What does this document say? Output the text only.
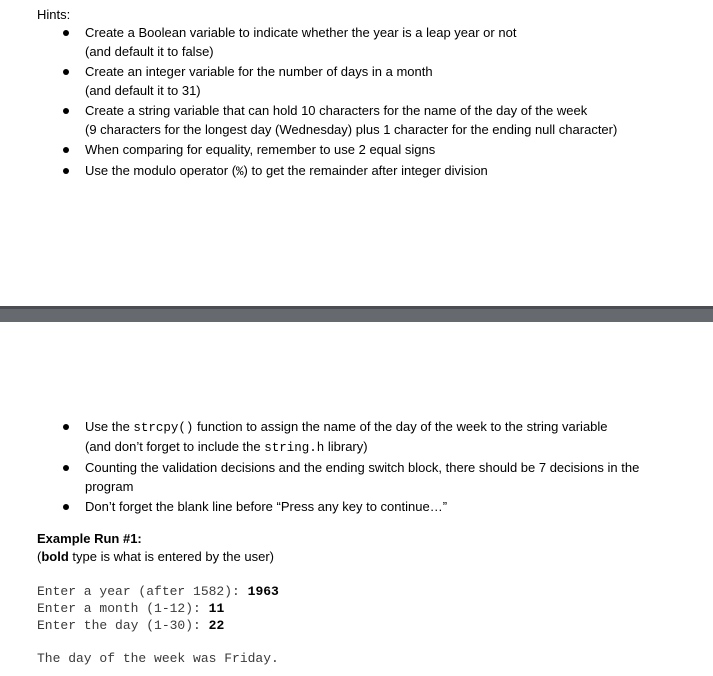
Hints:

Create a Boolean variable to indicate whether the year is a leap year or not
(and default it to false)
Create an integer variable for the number of days in a month
(and default it to 31)
Create a string variable that can hold 10 characters for the name of the day of the week
(9 characters for the longest day (Wednesday) plus 1 character for the ending null character)
When comparing for equality, remember to use 2 equal signs
Use the modulo operator (%) to get the remainder after integer division
Use the strcpy() function to assign the name of the day of the week to the string variable
(and don’t forget to include the string.h library)
Counting the validation decisions and the ending switch block, there should be 7 decisions in the
program
Don’t forget the blank line before “Press any key to continue…”

Example Run #1:

(bold type is what is entered by the user)

Enter a year (after 1582): 1963
Enter a month (1-12): 11
Enter the day (1-30): 22
The day of the week was Friday.
